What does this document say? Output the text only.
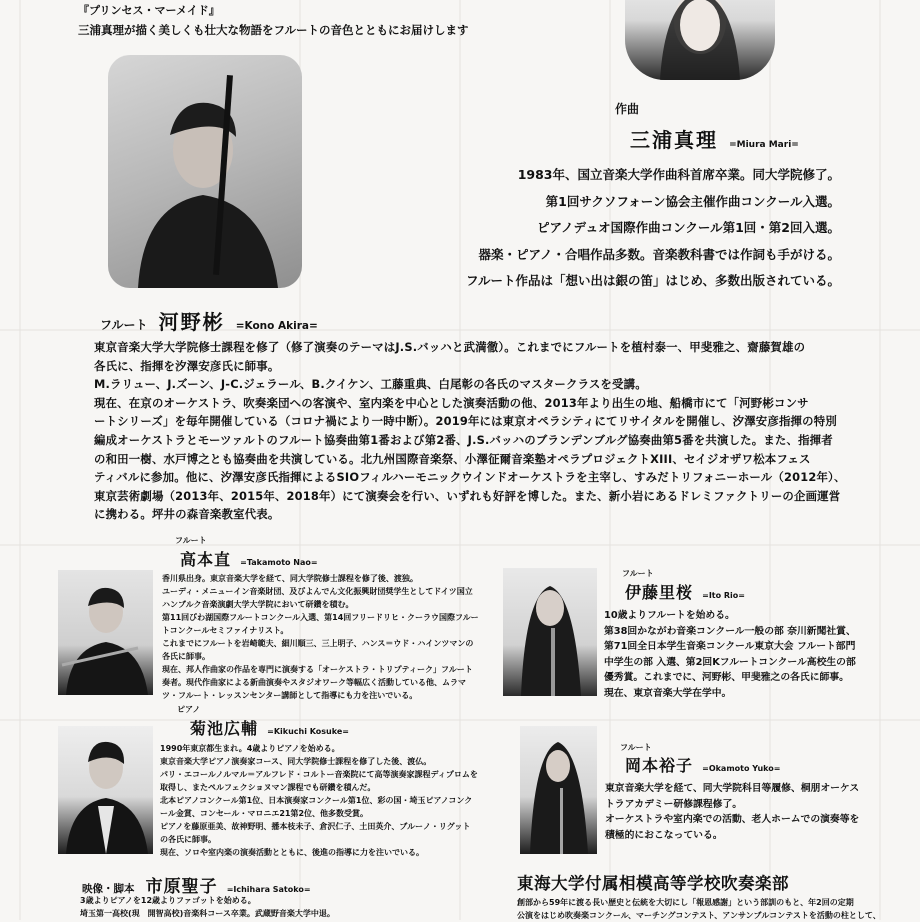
『プリンセス・マーメイド』
三浦真理が描く美しくも壮大な物語をフルートの音色とともにお届けします
作曲
三浦真理 =Miura Mari=
1983年、国立音楽大学作曲科首席卒業。同大学院修了。
第1回サクソフォーン協会主催作曲コンクール入選。
ピアノデュオ国際作曲コンクール第1回・第2回入選。
器楽・ピアノ・合唱作品多数。音楽教科書では作詞も手がける。
フルート作品は「想い出は銀の笛」はじめ、多数出版されている。
フルート 河野彬 =Kono Akira=
東京音楽大学大学院修士課程を修了（修了演奏のテーマはJ.S.バッハと武満徹）。これまでにフルートを植村泰一、甲斐雅之、齋藤賀雄の
各氏に、指揮を汐澤安彦氏に師事。
M.ラリュー、J.ズーン、J-C.ジェラール、B.クイケン、工藤重典、白尾彰の各氏のマスタークラスを受講。
現在、在京のオーケストラ、吹奏楽団への客演や、室内楽を中心とした演奏活動の他、2013年より出生の地、船橋市にて「河野彬コンサ
ートシリーズ」を毎年開催している（コロナ禍により一時中断）。2019年には東京オペラシティにてリサイタルを開催し、汐澤安彦指揮の特別
編成オーケストラとモーツァルトのフルート協奏曲第1番および第2番、J.S.バッハのブランデンブルグ協奏曲第5番を共演した。また、指揮者
の和田一樹、水戸博之とも協奏曲を共演している。北九州国際音楽祭、小澤征爾音楽塾オペラプロジェクトXIII、セイジオザワ松本フェス
ティバルに参加。他に、汐澤安彦氏指揮によるSIOフィルハーモニックウインドオーケストラを主宰し、すみだトリフォニーホール（2012年）、
東京芸術劇場（2013年、2015年、2018年）にて演奏会を行い、いずれも好評を博した。また、新小岩にあるドレミファクトリーの企画運営
に携わる。坪井の森音楽教室代表。
フルート
高本直 =Takamoto Nao=
香川県出身。東京音楽大学を経て、同大学院修士課程を修了後、渡独。
ユーディ・メニューイン音楽財団、及びよんでん文化振興財団奨学生としてドイツ国立
ハンブルク音楽演劇大学大学院において研鑽を積む。
第11回びわ湖国際フルートコンクール入選、第14回フリードリヒ・クーラウ国際フルー
トコンクールセミファイナリスト。
これまでにフルートを岩崎範夫、細川順三、三上明子、ハンス＝ウド・ハインツマンの
各氏に師事。
現在、邦人作曲家の作品を専門に演奏する「オーケストラ・トリプティーク」フルート
奏者。現代作曲家による新曲演奏やスタジオワーク等幅広く活動している他、ムラマ
ツ・フルート・レッスンセンター講師として指導にも力を注いでいる。
フルート
伊藤里桜 =Ito Rio=
10歳よりフルートを始める。
第38回かながわ音楽コンクール一般の部 奈川新聞社賞、
第71回全日本学生音楽コンクール東京大会 フルート部門
中学生の部 入選、第2回Kフルートコンクール高校生の部
優秀賞。これまでに、河野彬、甲斐雅之の各氏に師事。
現在、東京音楽大学在学中。
ピアノ
菊池広輔 =Kikuchi Kosuke=
1990年東京都生まれ。4歳よりピアノを始める。
東京音楽大学ピアノ演奏家コース、同大学院修士課程を修了した後、渡仏。
パリ・エコールノルマル＝アルフレド・コルトー音楽院にて高等演奏家課程ディプロムを
取得し、またペルフェクショヌマン課程でも研鑽を積んだ。
北本ピアノコンクール第1位、日本演奏家コンクール第1位、彩の国・埼玉ピアノコンク
ール金賞、コンセール・マロニエ21第2位、他多数受賞。
ピアノを藤原亜美、故神野明、播本枝未子、倉沢仁子、土田英介、ブルーノ・リグット
の各氏に師事。
現在、ソロや室内楽の演奏活動とともに、後進の指導に力を注いでいる。
フルート
岡本裕子 =Okamoto Yuko=
東京音楽大学を経て、同大学院科目等履修、桐朋オーケス
トラアカデミー研修課程修了。
オーケストラや室内楽での活動、老人ホームでの演奏等を
積極的におこなっている。
映像・脚本 市原聖子 =Ichihara Satoko=
3歳よりピアノを12歳よりファゴットを始める。
埼玉第一高校(現　開智高校)音楽科コース卒業。武蔵野音楽大学中退。
東海大学付属相模高等学校吹奏楽部
創部から59年に渡る長い歴史と伝統を大切にし「報恩感謝」という部訓のもと、年2回の定期
公演をはじめ吹奏楽コンクール、マーチングコンテスト、アンサンブルコンテストを活動の柱として、
